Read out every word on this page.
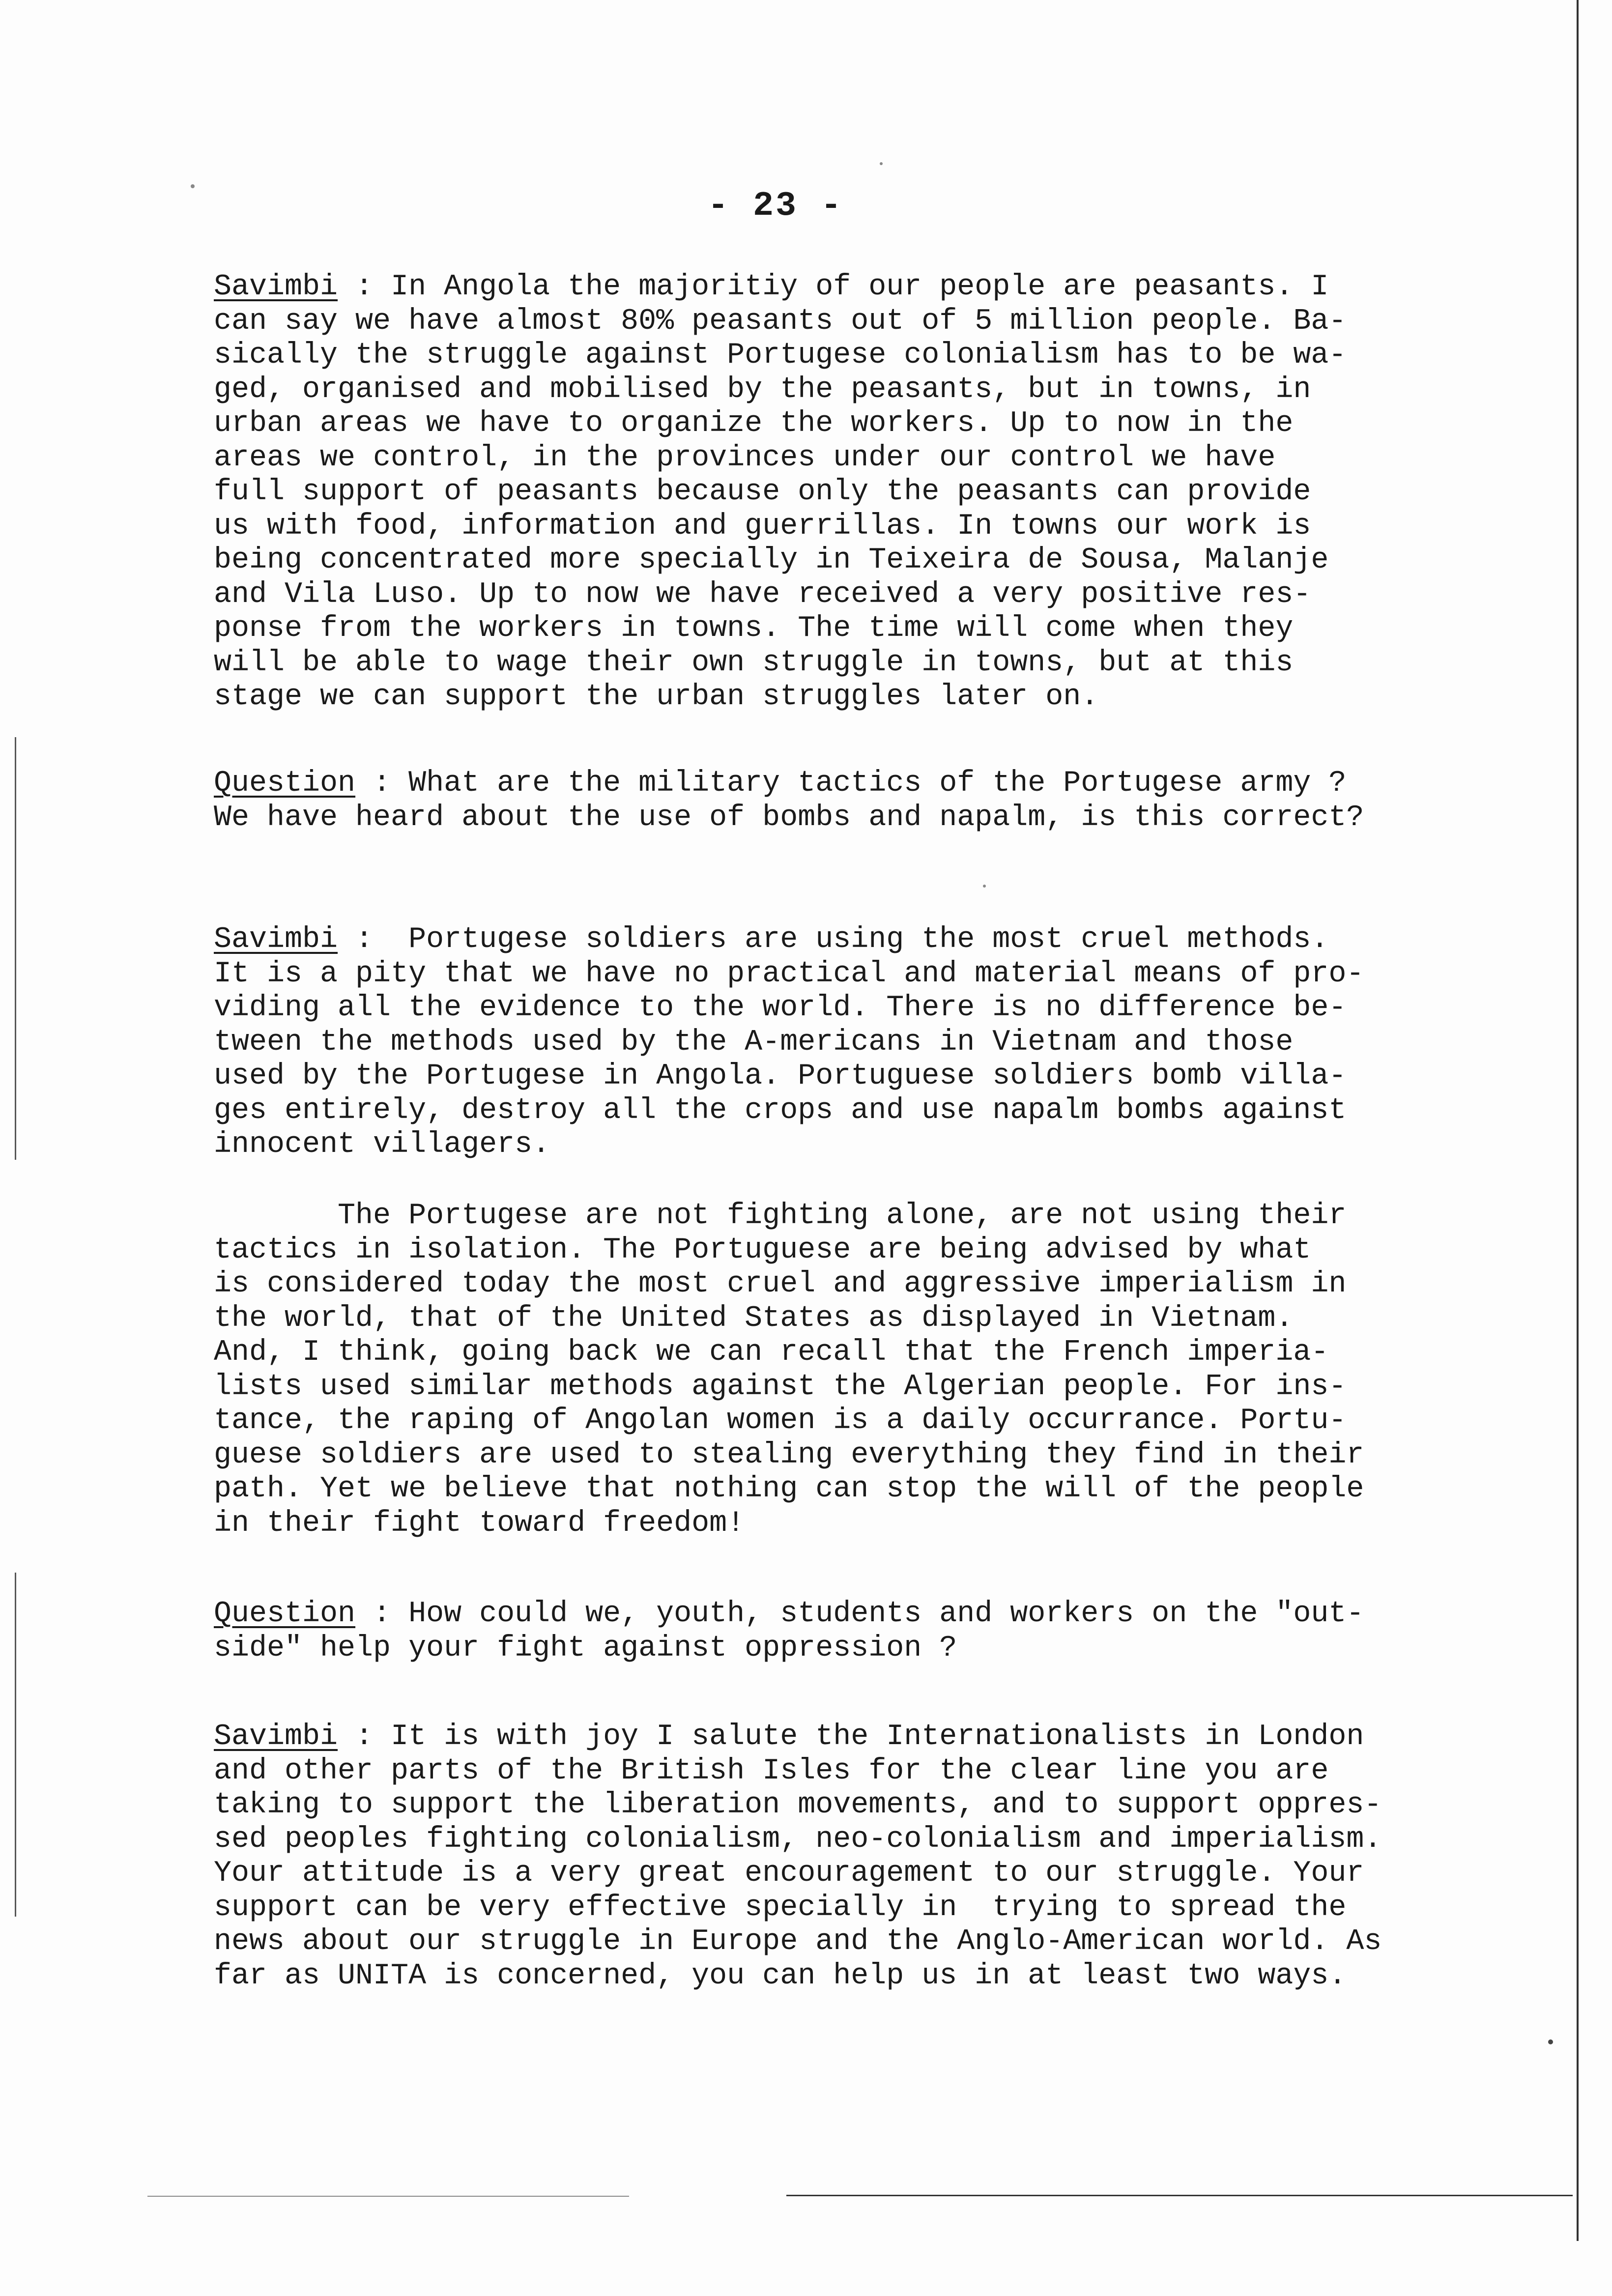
- 23 -
Savimbi : In Angola the majoritiy of our people are peasants. I
can say we have almost 80% peasants out of 5 million people. Ba-
sically the struggle against Portugese colonialism has to be wa-
ged, organised and mobilised by the peasants, but in towns, in
urban areas we have to organize the workers. Up to now in the
areas we control, in the provinces under our control we have
full support of peasants because only the peasants can provide
us with food, information and guerrillas. In towns our work is
being concentrated more specially in Teixeira de Sousa, Malanje
and Vila Luso. Up to now we have received a very positive res-
ponse from the workers in towns. The time will come when they
will be able to wage their own struggle in towns, but at this
stage we can support the urban struggles later on.
Question : What are the military tactics of the Portugese army ?
We have heard about the use of bombs and napalm, is this correct?
Savimbi :  Portugese soldiers are using the most cruel methods.
It is a pity that we have no practical and material means of pro-
viding all the evidence to the world. There is no difference be-
tween the methods used by the A-mericans in Vietnam and those
used by the Portugese in Angola. Portuguese soldiers bomb villa-
ges entirely, destroy all the crops and use napalm bombs against
innocent villagers.
The Portugese are not fighting alone, are not using their
tactics in isolation. The Portuguese are being advised by what
is considered today the most cruel and aggressive imperialism in
the world, that of the United States as displayed in Vietnam.
And, I think, going back we can recall that the French imperia-
lists used similar methods against the Algerian people. For ins-
tance, the raping of Angolan women is a daily occurrance. Portu-
guese soldiers are used to stealing everything they find in their
path. Yet we believe that nothing can stop the will of the people
in their fight toward freedom!
Question : How could we, youth, students and workers on the "out-
side" help your fight against oppression ?
Savimbi : It is with joy I salute the Internationalists in London
and other parts of the British Isles for the clear line you are
taking to support the liberation movements, and to support oppres-
sed peoples fighting colonialism, neo-colonialism and imperialism.
Your attitude is a very great encouragement to our struggle. Your
support can be very effective specially in  trying to spread the
news about our struggle in Europe and the Anglo-American world. As
far as UNITA is concerned, you can help us in at least two ways.
